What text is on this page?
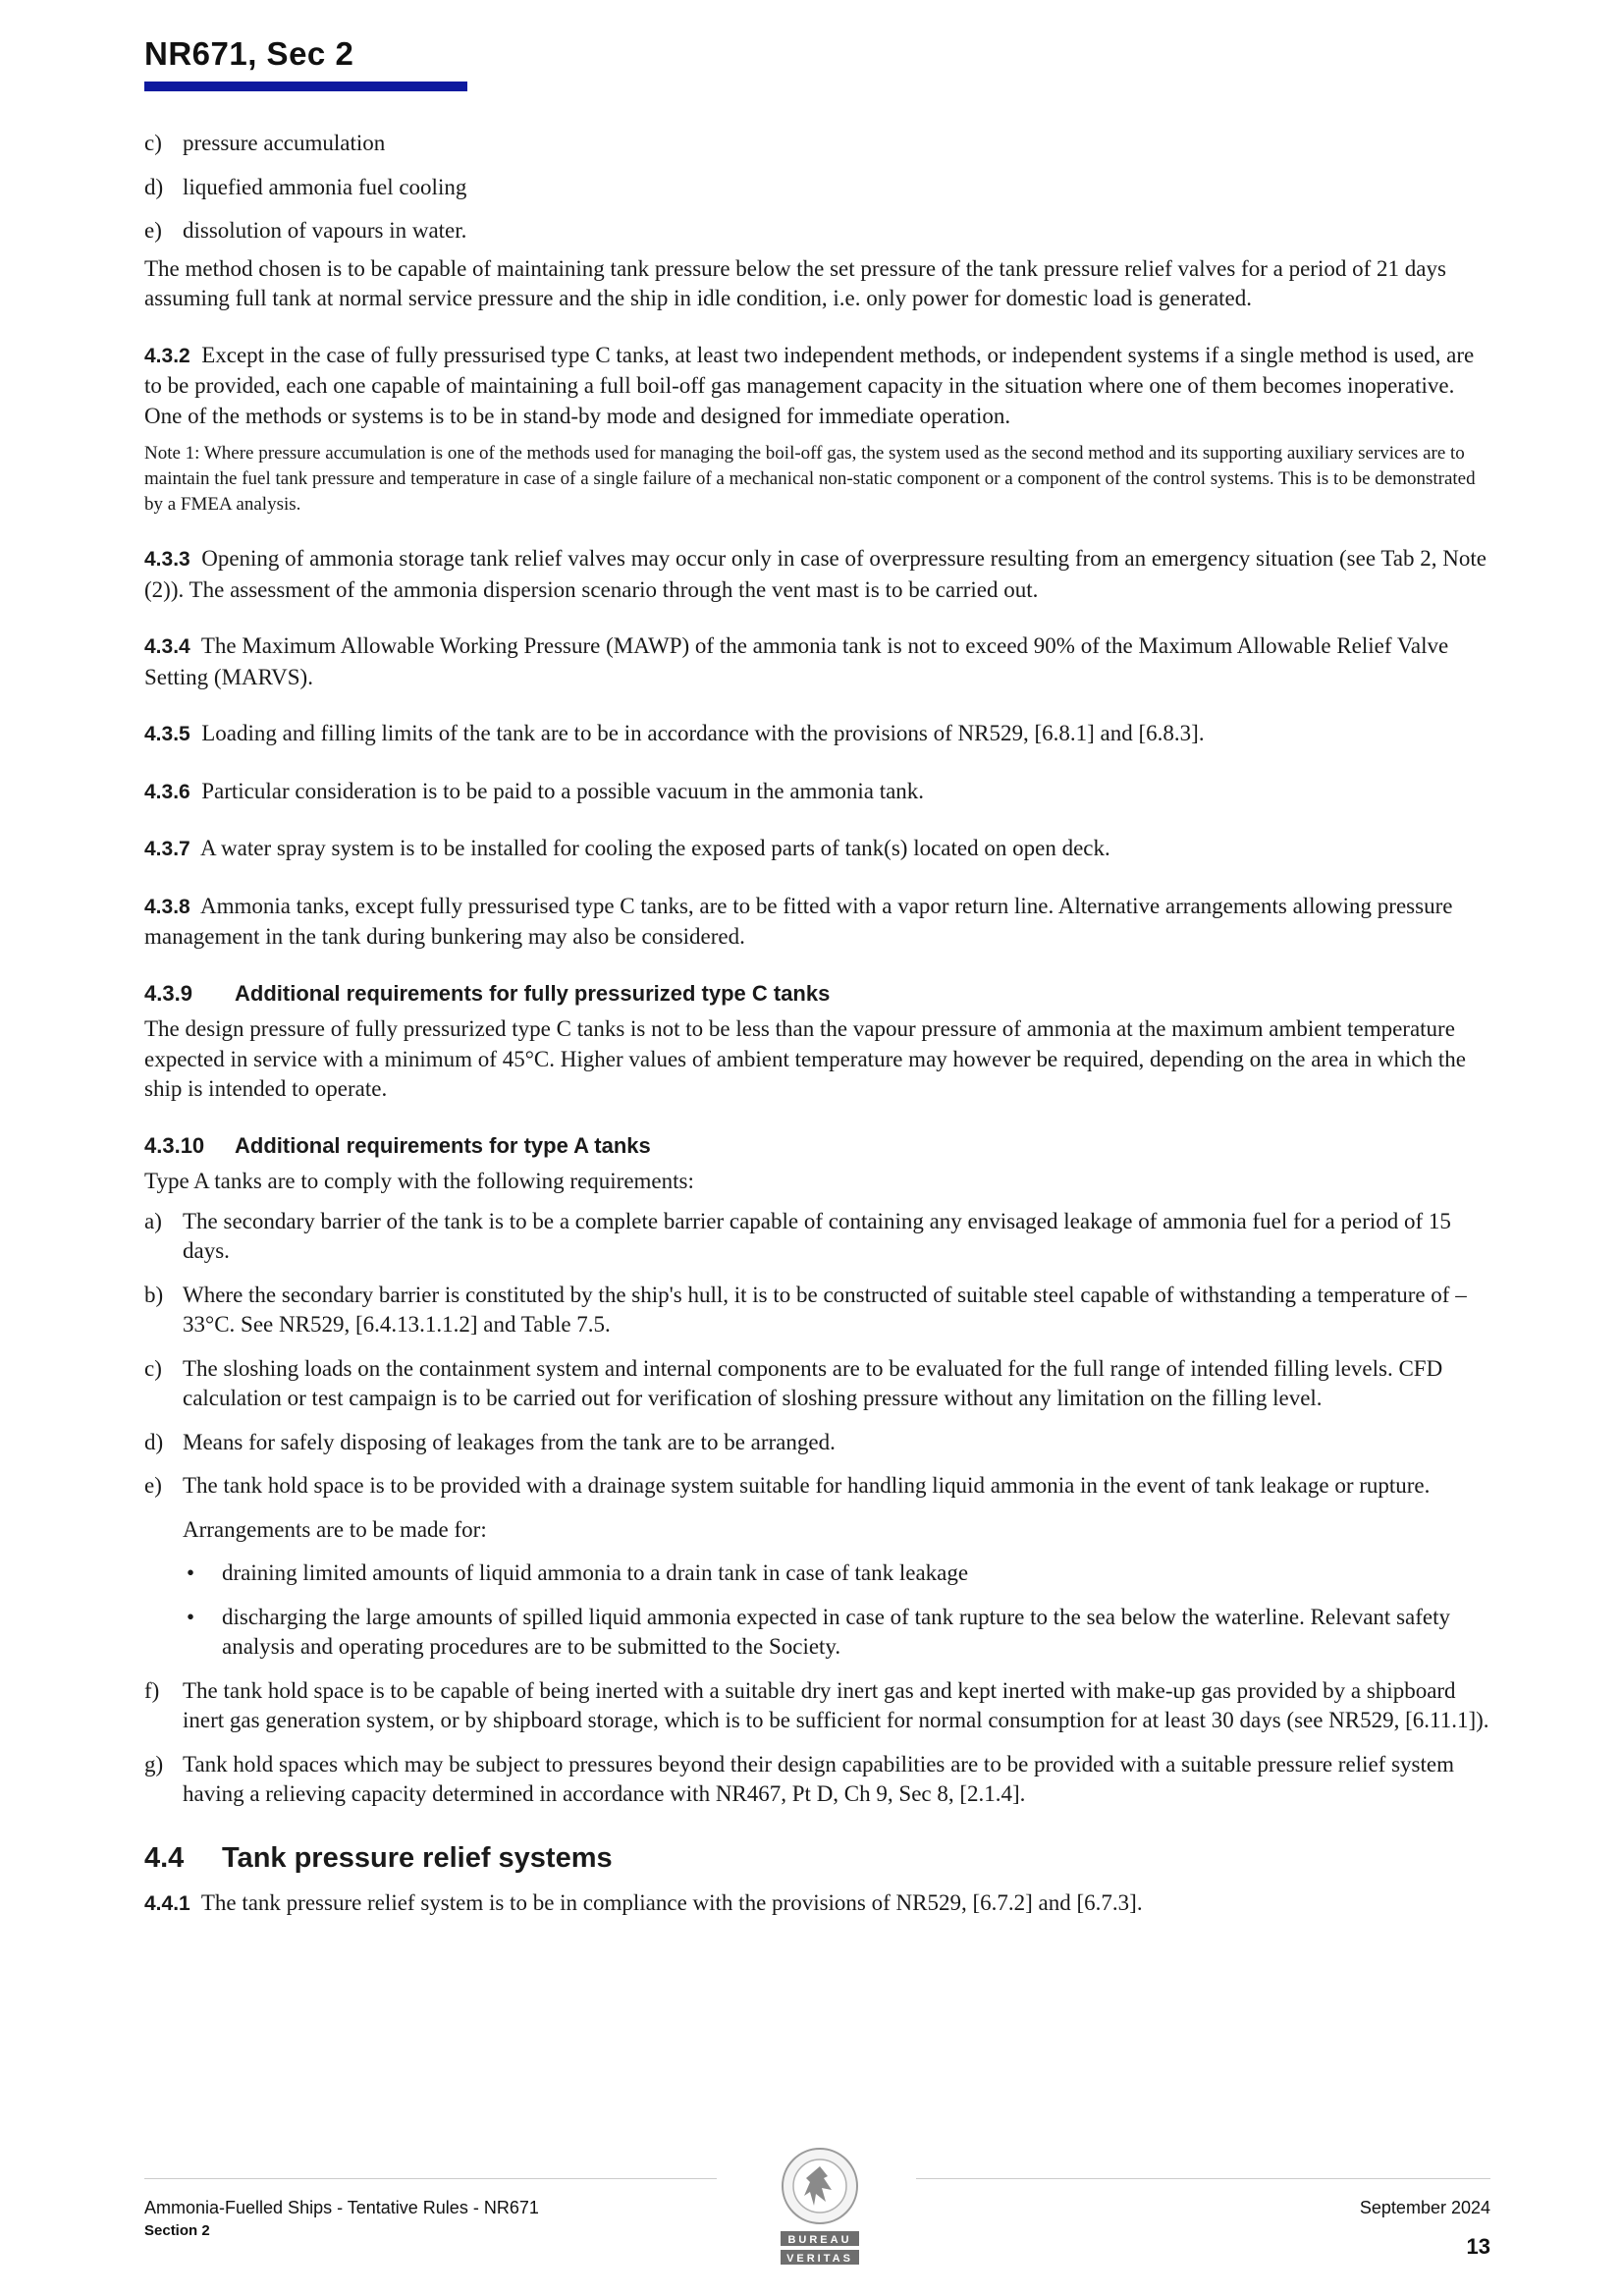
NR671, Sec 2
c) pressure accumulation
d) liquefied ammonia fuel cooling
e) dissolution of vapours in water.

The method chosen is to be capable of maintaining tank pressure below the set pressure of the tank pressure relief valves for a period of 21 days assuming full tank at normal service pressure and the ship in idle condition, i.e. only power for domestic load is generated.

4.3.2 Except in the case of fully pressurised type C tanks, at least two independent methods, or independent systems if a single method is used, are to be provided, each one capable of maintaining a full boil-off gas management capacity in the situation where one of them becomes inoperative. One of the methods or systems is to be in stand-by mode and designed for immediate operation.

Note 1: Where pressure accumulation is one of the methods used for managing the boil-off gas, the system used as the second method and its supporting auxiliary services are to maintain the fuel tank pressure and temperature in case of a single failure of a mechanical non-static component or a component of the control systems. This is to be demonstrated by a FMEA analysis.

4.3.3 Opening of ammonia storage tank relief valves may occur only in case of overpressure resulting from an emergency situation (see Tab 2, Note (2)). The assessment of the ammonia dispersion scenario through the vent mast is to be carried out.

4.3.4 The Maximum Allowable Working Pressure (MAWP) of the ammonia tank is not to exceed 90% of the Maximum Allowable Relief Valve Setting (MARVS).

4.3.5 Loading and filling limits of the tank are to be in accordance with the provisions of NR529, [6.8.1] and [6.8.3].

4.3.6 Particular consideration is to be paid to a possible vacuum in the ammonia tank.

4.3.7 A water spray system is to be installed for cooling the exposed parts of tank(s) located on open deck.

4.3.8 Ammonia tanks, except fully pressurised type C tanks, are to be fitted with a vapor return line. Alternative arrangements allowing pressure management in the tank during bunkering may also be considered.

4.3.9 Additional requirements for fully pressurized type C tanks

The design pressure of fully pressurized type C tanks is not to be less than the vapour pressure of ammonia at the maximum ambient temperature expected in service with a minimum of 45°C. Higher values of ambient temperature may however be required, depending on the area in which the ship is intended to operate.

4.3.10 Additional requirements for type A tanks

Type A tanks are to comply with the following requirements:

a) The secondary barrier of the tank is to be a complete barrier capable of containing any envisaged leakage of ammonia fuel for a period of 15 days.
b) Where the secondary barrier is constituted by the ship's hull, it is to be constructed of suitable steel capable of withstanding a temperature of –33°C. See NR529, [6.4.13.1.1.2] and Table 7.5.
c) The sloshing loads on the containment system and internal components are to be evaluated for the full range of intended filling levels. CFD calculation or test campaign is to be carried out for verification of sloshing pressure without any limitation on the filling level.
d) Means for safely disposing of leakages from the tank are to be arranged.
e) The tank hold space is to be provided with a drainage system suitable for handling liquid ammonia in the event of tank leakage or rupture.

Arrangements are to be made for:

• draining limited amounts of liquid ammonia to a drain tank in case of tank leakage
• discharging the large amounts of spilled liquid ammonia expected in case of tank rupture to the sea below the waterline. Relevant safety analysis and operating procedures are to be submitted to the Society.
f) The tank hold space is to be capable of being inerted with a suitable dry inert gas and kept inerted with make-up gas provided by a shipboard inert gas generation system, or by shipboard storage, which is to be sufficient for normal consumption for at least 30 days (see NR529, [6.11.1]).
g) Tank hold spaces which may be subject to pressures beyond their design capabilities are to be provided with a suitable pressure relief system having a relieving capacity determined in accordance with NR467, Pt D, Ch 9, Sec 8, [2.1.4].
4.4 Tank pressure relief systems

4.4.1 The tank pressure relief system is to be in compliance with the provisions of NR529, [6.7.2] and [6.7.3].

Ammonia-Fuelled Ships - Tentative Rules - NR671
Section 2
September 2024
13
BUREAU
VERITAS
